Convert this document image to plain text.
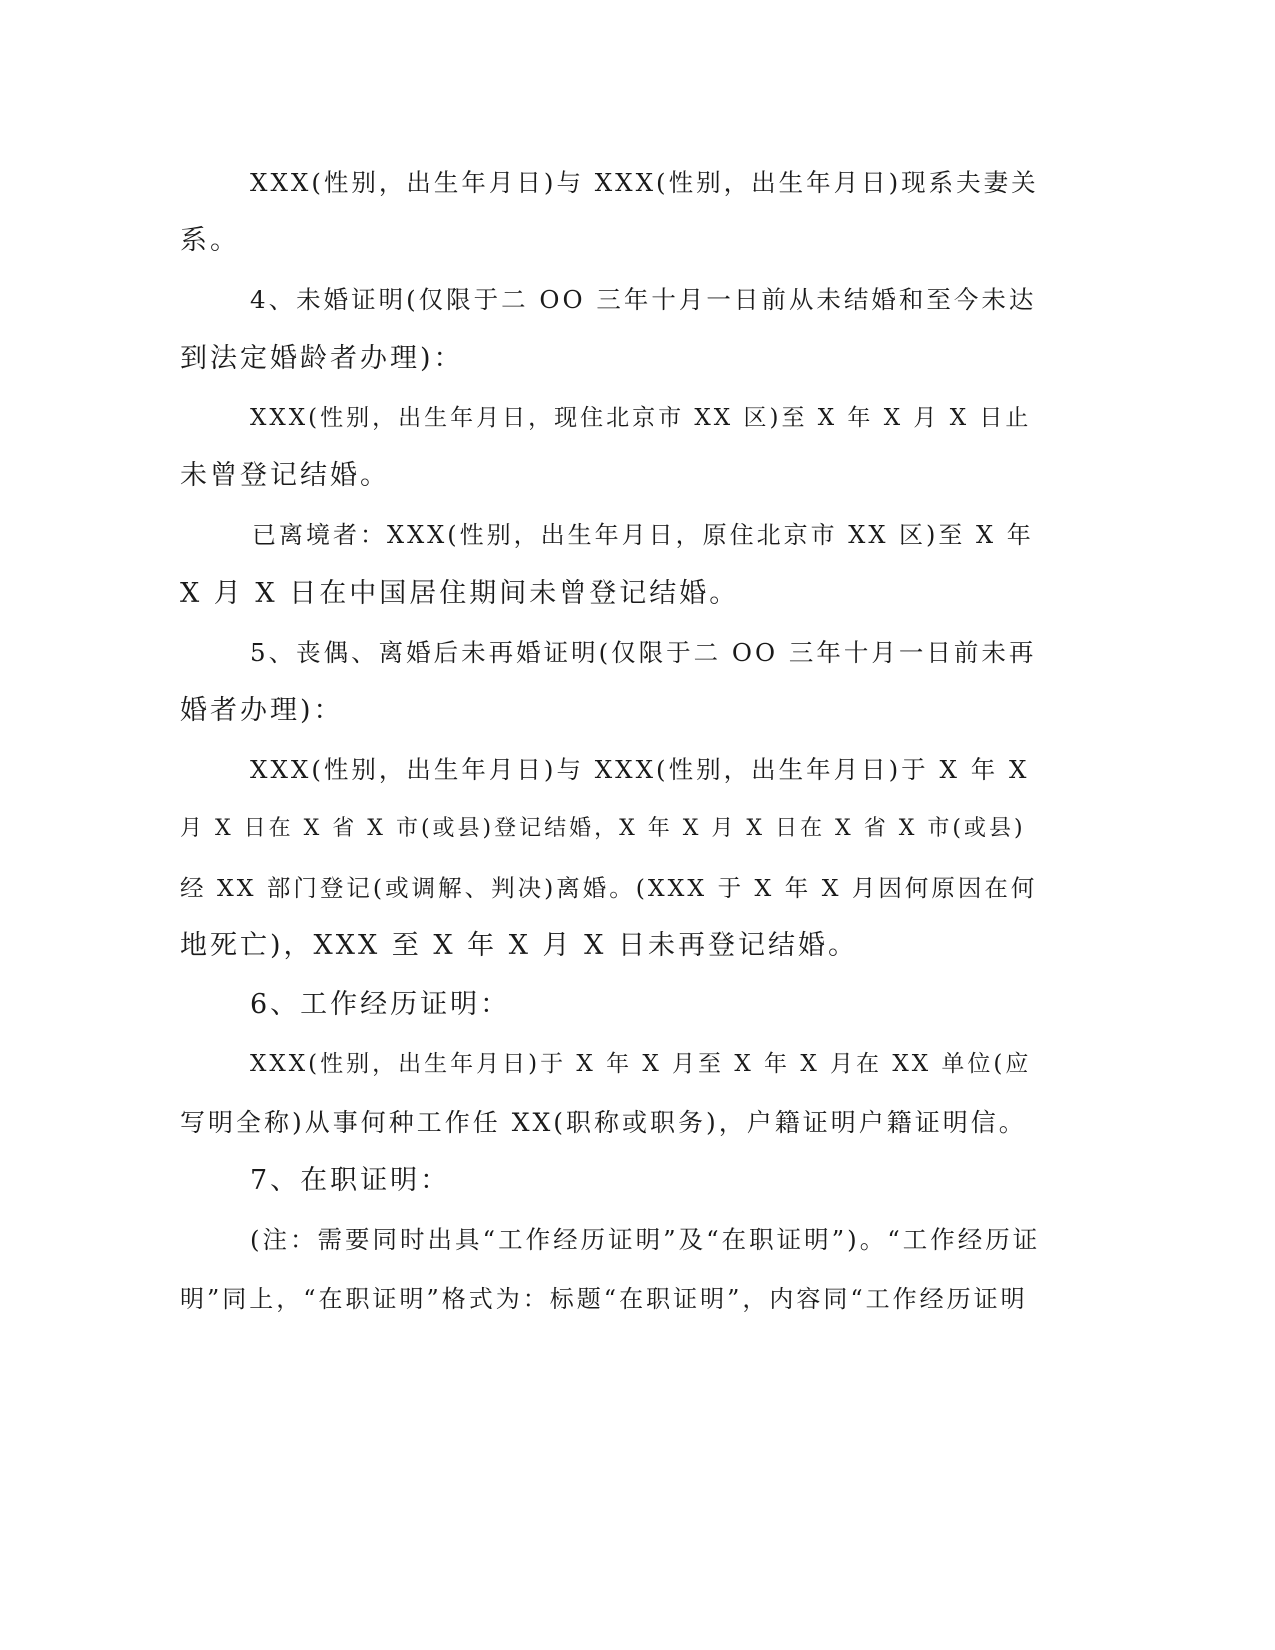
XXX(性别，出生年月日)与 XXX(性别，出生年月日)现系夫妻关
系。
4、未婚证明(仅限于二 OO 三年十月一日前从未结婚和至今未达
到法定婚龄者办理)：
XXX(性别，出生年月日，现住北京市 XX 区)至 X 年 X 月 X 日止
未曾登记结婚。
已离境者：XXX(性别，出生年月日，原住北京市 XX 区)至 X 年
X 月 X 日在中国居住期间未曾登记结婚。
5、丧偶、离婚后未再婚证明(仅限于二 OO 三年十月一日前未再
婚者办理)：
XXX(性别，出生年月日)与 XXX(性别，出生年月日)于 X 年 X
月 X 日在 X 省 X 市(或县)登记结婚，X 年 X 月 X 日在 X 省 X 市(或县)
经 XX 部门登记(或调解、判决)离婚。(XXX 于 X 年 X 月因何原因在何
地死亡)，XXX 至 X 年 X 月 X 日未再登记结婚。
6、工作经历证明：
XXX(性别，出生年月日)于 X 年 X 月至 X 年 X 月在 XX 单位(应
写明全称)从事何种工作任 XX(职称或职务)，户籍证明户籍证明信。
7、在职证明：
(注：需要同时出具“工作经历证明”及“在职证明”)。“工作经历证
明”同上，“在职证明”格式为：标题“在职证明”，内容同“工作经历证明
